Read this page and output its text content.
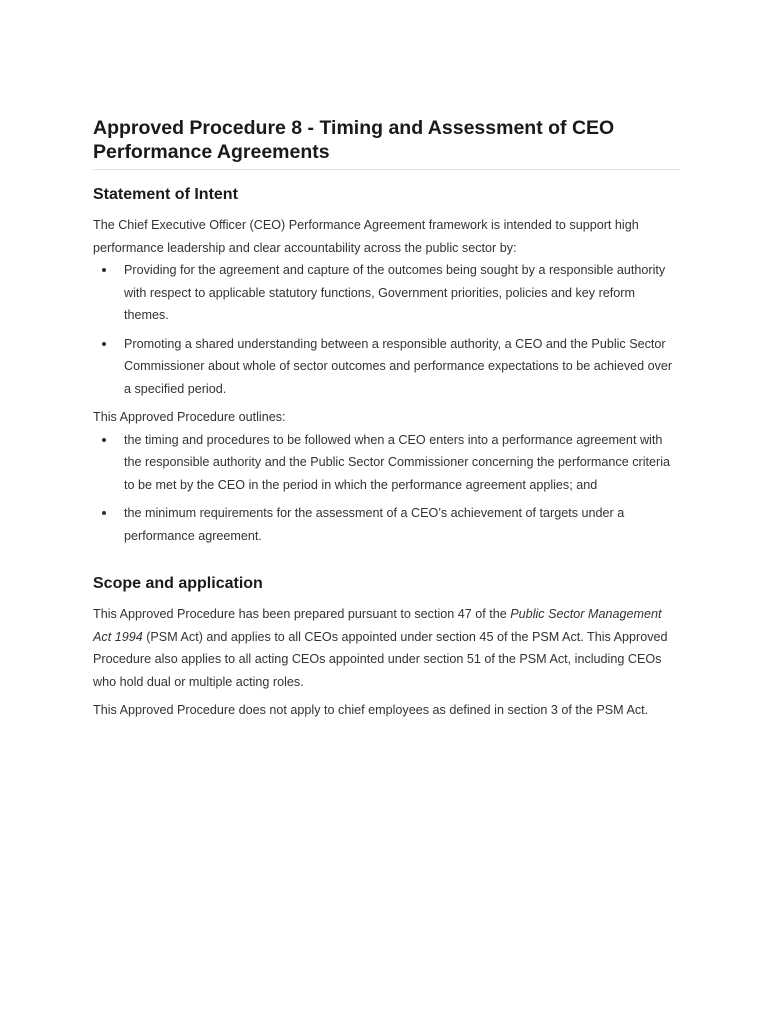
Approved Procedure 8 - Timing and Assessment of CEO Performance Agreements
Statement of Intent

The Chief Executive Officer (CEO) Performance Agreement framework is intended to support high performance leadership and clear accountability across the public sector by:

Providing for the agreement and capture of the outcomes being sought by a responsible authority with respect to applicable statutory functions, Government priorities, policies and key reform themes.
Promoting a shared understanding between a responsible authority, a CEO and the Public Sector Commissioner about whole of sector outcomes and performance expectations to be achieved over a specified period.

This Approved Procedure outlines:

the timing and procedures to be followed when a CEO enters into a performance agreement with the responsible authority and the Public Sector Commissioner concerning the performance criteria to be met by the CEO in the period in which the performance agreement applies; and
the minimum requirements for the assessment of a CEO’s achievement of targets under a performance agreement.
Scope and application

This Approved Procedure has been prepared pursuant to section 47 of the Public Sector Management Act 1994 (PSM Act) and applies to all CEOs appointed under section 45 of the PSM Act. This Approved Procedure also applies to all acting CEOs appointed under section 51 of the PSM Act, including CEOs who hold dual or multiple acting roles.

This Approved Procedure does not apply to chief employees as defined in section 3 of the PSM Act.
